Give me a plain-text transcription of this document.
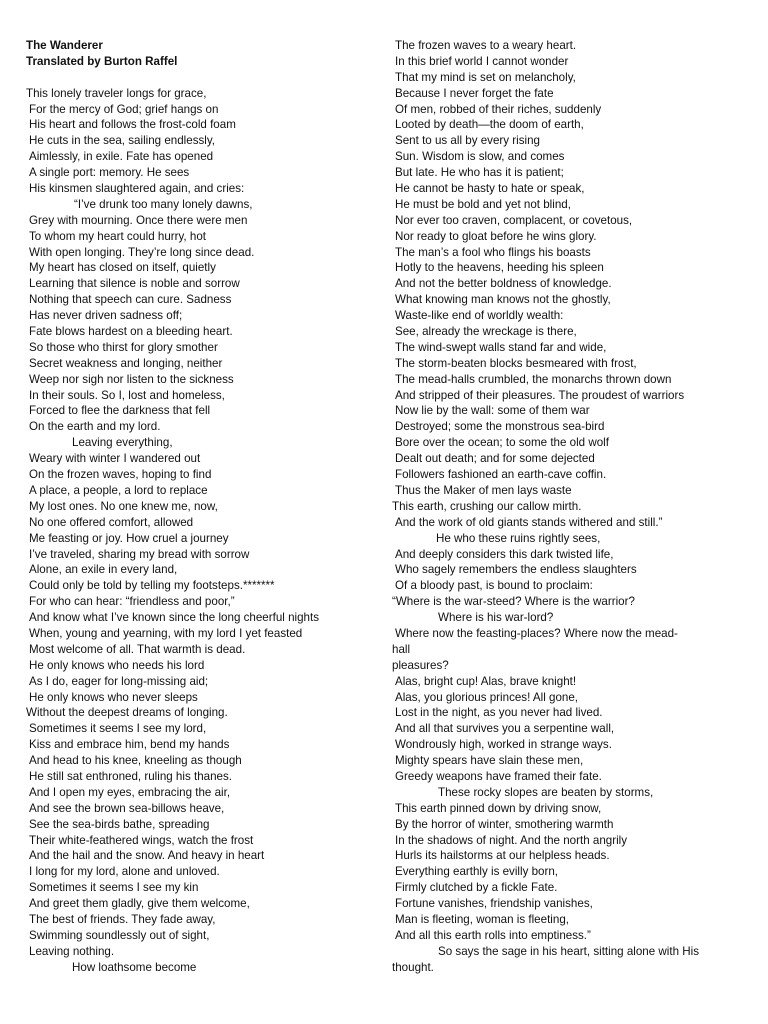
The Wanderer
Translated by Burton Raffel
This lonely traveler longs for grace,
For the mercy of God; grief hangs on
His heart and follows the frost-cold foam
He cuts in the sea, sailing endlessly,
Aimlessly, in exile. Fate has opened
A single port: memory. He sees
His kinsmen slaughtered again, and cries:
“I’ve drunk too many lonely dawns,
Grey with mourning. Once there were men
To whom my heart could hurry, hot
With open longing. They’re long since dead.
My heart has closed on itself, quietly
Learning that silence is noble and sorrow
Nothing that speech can cure. Sadness
Has never driven sadness off;
Fate blows hardest on a bleeding heart.
So those who thirst for glory smother
Secret weakness and longing, neither
Weep nor sigh nor listen to the sickness
In their souls. So I, lost and homeless,
Forced to flee the darkness that fell
On the earth and my lord.
Leaving everything,
Weary with winter I wandered out
On the frozen waves, hoping to find
A place, a people, a lord to replace
My lost ones. No one knew me, now,
No one offered comfort, allowed
Me feasting or joy. How cruel a journey
I’ve traveled, sharing my bread with sorrow
Alone, an exile in every land,
Could only be told by telling my footsteps.*******
For who can hear: “friendless and poor,”
And know what I’ve known since the long cheerful nights
When, young and yearning, with my lord I yet feasted
Most welcome of all. That warmth is dead.
He only knows who needs his lord
As I do, eager for long-missing aid;
He only knows who never sleeps
Without the deepest dreams of longing.
Sometimes it seems I see my lord,
Kiss and embrace him, bend my hands
And head to his knee, kneeling as though
He still sat enthroned, ruling his thanes.
And I open my eyes, embracing the air,
And see the brown sea-billows heave,
See the sea-birds bathe, spreading
Their white-feathered wings, watch the frost
And the hail and the snow. And heavy in heart
I long for my lord, alone and unloved.
Sometimes it seems I see my kin
And greet them gladly, give them welcome,
The best of friends. They fade away,
Swimming soundlessly out of sight,
Leaving nothing.
How loathsome become
The frozen waves to a weary heart.
In this brief world I cannot wonder
That my mind is set on melancholy,
Because I never forget the fate
Of men, robbed of their riches, suddenly
Looted by death—the doom of earth,
Sent to us all by every rising
Sun. Wisdom is slow, and comes
But late. He who has it is patient;
He cannot be hasty to hate or speak,
He must be bold and yet not blind,
Nor ever too craven, complacent, or covetous,
Nor ready to gloat before he wins glory.
The man’s a fool who flings his boasts
Hotly to the heavens, heeding his spleen
And not the better boldness of knowledge.
What knowing man knows not the ghostly,
Waste-like end of worldly wealth:
See, already the wreckage is there,
The wind-swept walls stand far and wide,
The storm-beaten blocks besmeared with frost,
The mead-halls crumbled, the monarchs thrown down
And stripped of their pleasures. The proudest of warriors
Now lie by the wall: some of them war
Destroyed; some the monstrous sea-bird
Bore over the ocean; to some the old wolf
Dealt out death; and for some dejected
Followers fashioned an earth-cave coffin.
Thus the Maker of men lays waste
This earth, crushing our callow mirth.
And the work of old giants stands withered and still.”
He who these ruins rightly sees,
And deeply considers this dark twisted life,
Who sagely remembers the endless slaughters
Of a bloody past, is bound to proclaim:
“Where is the war-steed? Where is the warrior?
Where is his war-lord?
Where now the feasting-places? Where now the mead-
hall
pleasures?
Alas, bright cup! Alas, brave knight!
Alas, you glorious princes! All gone,
Lost in the night, as you never had lived.
And all that survives you a serpentine wall,
Wondrously high, worked in strange ways.
Mighty spears have slain these men,
Greedy weapons have framed their fate.
These rocky slopes are beaten by storms,
This earth pinned down by driving snow,
By the horror of winter, smothering warmth
In the shadows of night. And the north angrily
Hurls its hailstorms at our helpless heads.
Everything earthly is evilly born,
Firmly clutched by a fickle Fate.
Fortune vanishes, friendship vanishes,
Man is fleeting, woman is fleeting,
And all this earth rolls into emptiness.”
So says the sage in his heart, sitting alone with His
thought.
